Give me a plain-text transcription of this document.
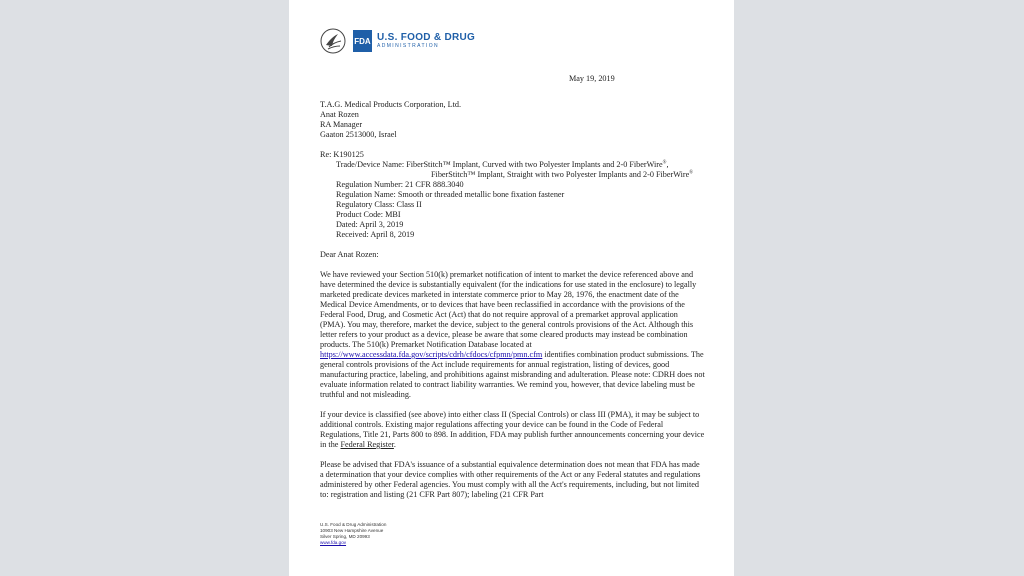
FDA U.S. FOOD & DRUG
ADMINISTRATION
May 19, 2019

T.A.G. Medical Products Corporation, Ltd.

Anat Rozen

RA Manager

Gaaton 2513000, Israel

Re: K190125

Trade/Device Name: FiberStitch™ Implant, Curved with two Polyester Implants and 2-0 FiberWire®,

FiberStitch™ Implant, Straight with two Polyester Implants and 2-0 FiberWire®

Regulation Number: 21 CFR 888.3040

Regulation Name: Smooth or threaded metallic bone fixation fastener

Regulatory Class: Class II

Product Code: MBI

Dated: April 3, 2019

Received: April 8, 2019

Dear Anat Rozen:

We have reviewed your Section 510(k) premarket notification of intent to market the device referenced above and have determined the device is substantially equivalent (for the indications for use stated in the enclosure) to legally marketed predicate devices marketed in interstate commerce prior to May 28, 1976, the enactment date of the Medical Device Amendments, or to devices that have been reclassified in accordance with the provisions of the Federal Food, Drug, and Cosmetic Act (Act) that do not require approval of a premarket approval application (PMA). You may, therefore, market the device, subject to the general controls provisions of the Act. Although this letter refers to your product as a device, please be aware that some cleared products may instead be combination products. The 510(k) Premarket Notification Database located at https://www.accessdata.fda.gov/scripts/cdrh/cfdocs/cfpmn/pmn.cfm identifies combination product submissions. The general controls provisions of the Act include requirements for annual registration, listing of devices, good manufacturing practice, labeling, and prohibitions against misbranding and adulteration. Please note: CDRH does not evaluate information related to contract liability warranties. We remind you, however, that device labeling must be truthful and not misleading.

If your device is classified (see above) into either class II (Special Controls) or class III (PMA), it may be subject to additional controls. Existing major regulations affecting your device can be found in the Code of Federal Regulations, Title 21, Parts 800 to 898. In addition, FDA may publish further announcements concerning your device in the Federal Register.

Please be advised that FDA's issuance of a substantial equivalence determination does not mean that FDA has made a determination that your device complies with other requirements of the Act or any Federal statutes and regulations administered by other Federal agencies. You must comply with all the Act's requirements, including, but not limited to: registration and listing (21 CFR Part 807); labeling (21 CFR Part

U.S. Food & Drug Administration
10903 New Hampshire Avenue
Silver Spring, MD 20993
www.fda.gov
